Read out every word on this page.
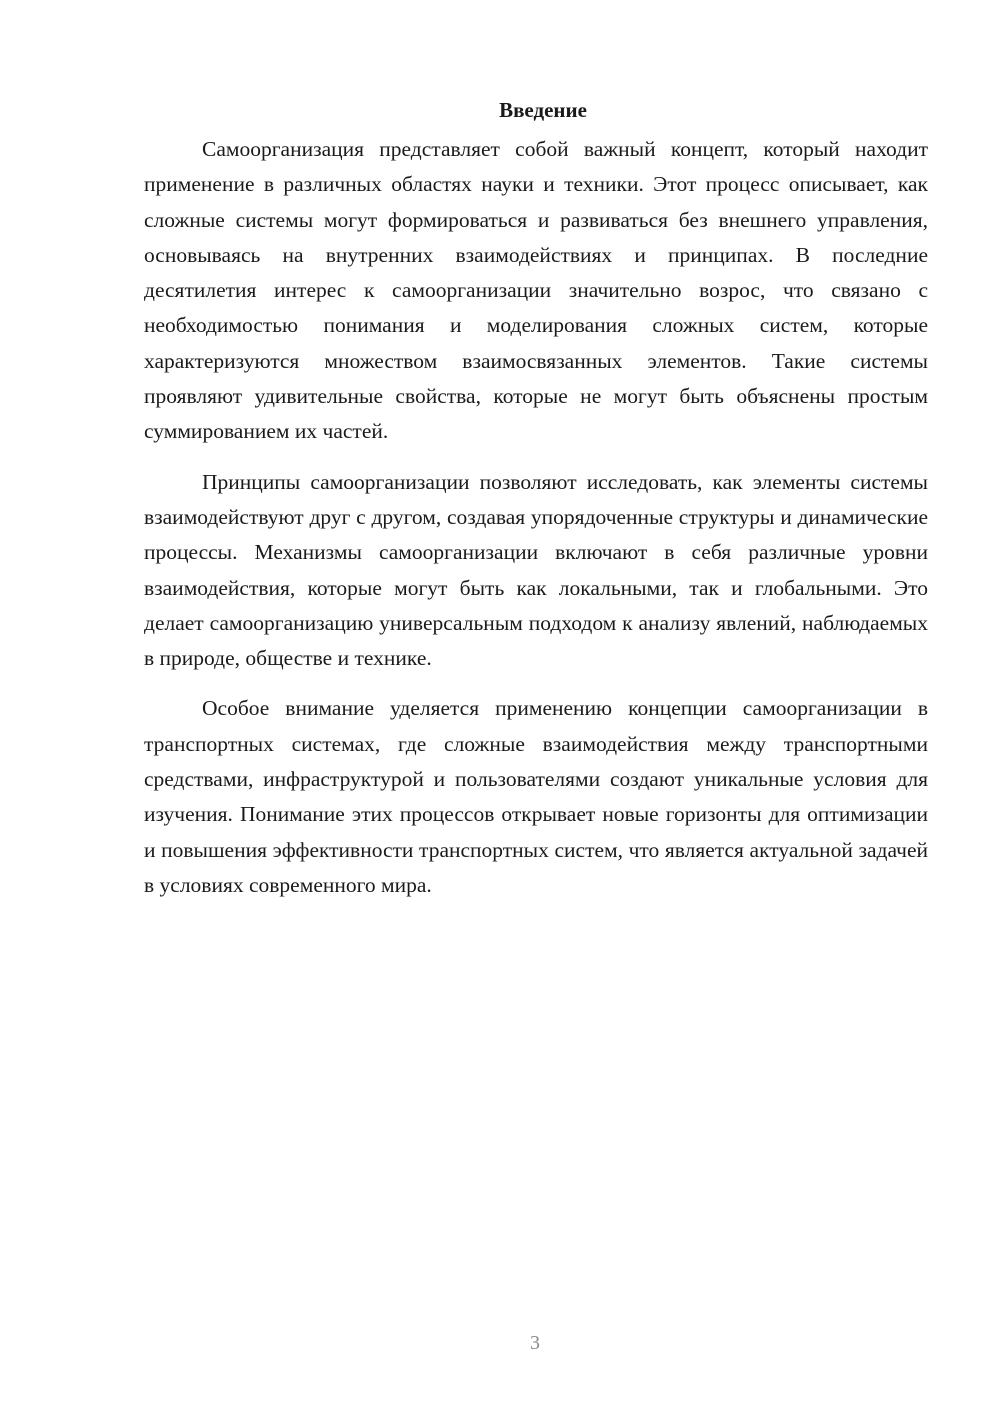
Введение

Самоорганизация представляет собой важный концепт, который находит применение в различных областях науки и техники. Этот процесс описывает, как сложные системы могут формироваться и развиваться без внешнего управления, основываясь на внутренних взаимодействиях и принципах. В последние десятилетия интерес к самоорганизации значительно возрос, что связано с необходимостью понимания и моделирования сложных систем, которые характеризуются множеством взаимосвязанных элементов. Такие системы проявляют удивительные свойства, которые не могут быть объяснены простым суммированием их частей.

Принципы самоорганизации позволяют исследовать, как элементы системы взаимодействуют друг с другом, создавая упорядоченные структуры и динамические процессы. Механизмы самоорганизации включают в себя различные уровни взаимодействия, которые могут быть как локальными, так и глобальными. Это делает самоорганизацию универсальным подходом к анализу явлений, наблюдаемых в природе, обществе и технике.

Особое внимание уделяется применению концепции самоорганизации в транспортных системах, где сложные взаимодействия между транспортными средствами, инфраструктурой и пользователями создают уникальные условия для изучения. Понимание этих процессов открывает новые горизонты для оптимизации и повышения эффективности транспортных систем, что является актуальной задачей в условиях современного мира.

3
